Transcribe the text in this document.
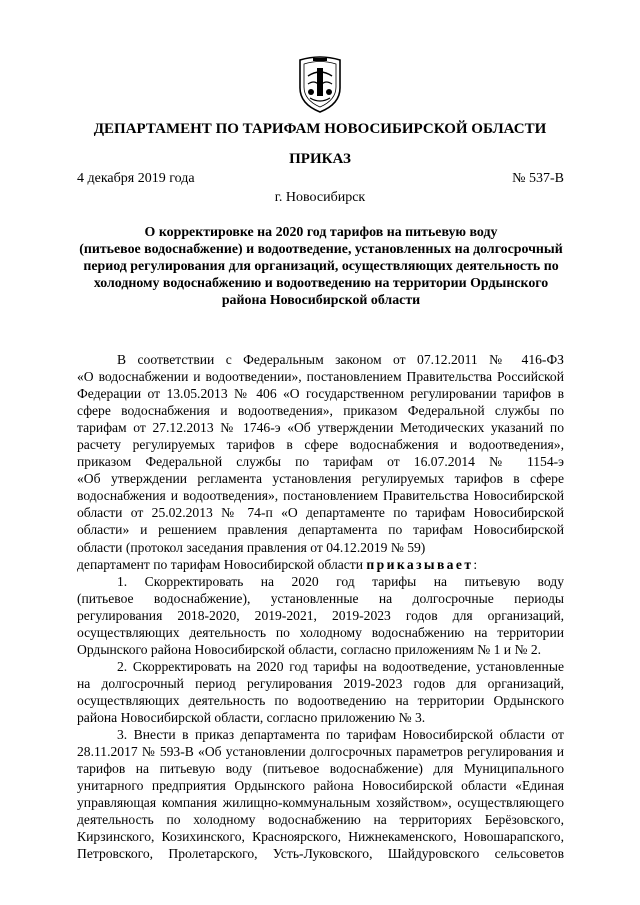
ДЕПАРТАМЕНТ ПО ТАРИФАМ НОВОСИБИРСКОЙ ОБЛАСТИ
ПРИКАЗ
4 декабря 2019 года	№ 537-В
г. Новосибирск
О корректировке на 2020 год тарифов на питьевую воду
(питьевое водоснабжение) и водоотведение, установленных на долгосрочный
период регулирования для организаций, осуществляющих деятельность по
холодному водоснабжению и водоотведению на территории Ордынского
района Новосибирской области
В соответствии с Федеральным законом от 07.12.2011 № 416-ФЗ
«О водоснабжении и водоотведении», постановлением Правительства Российской
Федерации от 13.05.2013 № 406 «О государственном регулировании тарифов в
сфере водоснабжения и водоотведения», приказом Федеральной службы по
тарифам от 27.12.2013 № 1746-э «Об утверждении Методических указаний по
расчету регулируемых тарифов в сфере водоснабжения и водоотведения»,
приказом Федеральной службы по тарифам от 16.07.2014 № 1154-э
«Об утверждении регламента установления регулируемых тарифов в сфере
водоснабжения и водоотведения», постановлением Правительства Новосибирской
области от 25.02.2013 № 74-п «О департаменте по тарифам Новосибирской
области» и решением правления департамента по тарифам Новосибирской
области (протокол заседания правления от 04.12.2019 № 59)
департамент по тарифам Новосибирской области приказывает:
1. Скорректировать на 2020 год тарифы на питьевую воду
(питьевое водоснабжение), установленные на долгосрочные периоды
регулирования 2018-2020, 2019-2021, 2019-2023 годов для организаций,
осуществляющих деятельность по холодному водоснабжению на территории
Ордынского района Новосибирской области, согласно приложениям № 1 и № 2.
2. Скорректировать на 2020 год тарифы на водоотведение, установленные
на долгосрочный период регулирования 2019-2023 годов для организаций,
осуществляющих деятельность по водоотведению на территории Ордынского
района Новосибирской области, согласно приложению № 3.
3. Внести в приказ департамента по тарифам Новосибирской области от
28.11.2017 № 593-В «Об установлении долгосрочных параметров регулирования и
тарифов на питьевую воду (питьевое водоснабжение) для Муниципального
унитарного предприятия Ордынского района Новосибирской области «Единая
управляющая компания жилищно-коммунальным хозяйством», осуществляющего
деятельность по холодному водоснабжению на территориях Берёзовского,
Кирзинского, Козихинского, Красноярского, Нижнекаменского, Новошарапского,
Петровского, Пролетарского, Усть-Луковского, Шайдуровского сельсоветов
